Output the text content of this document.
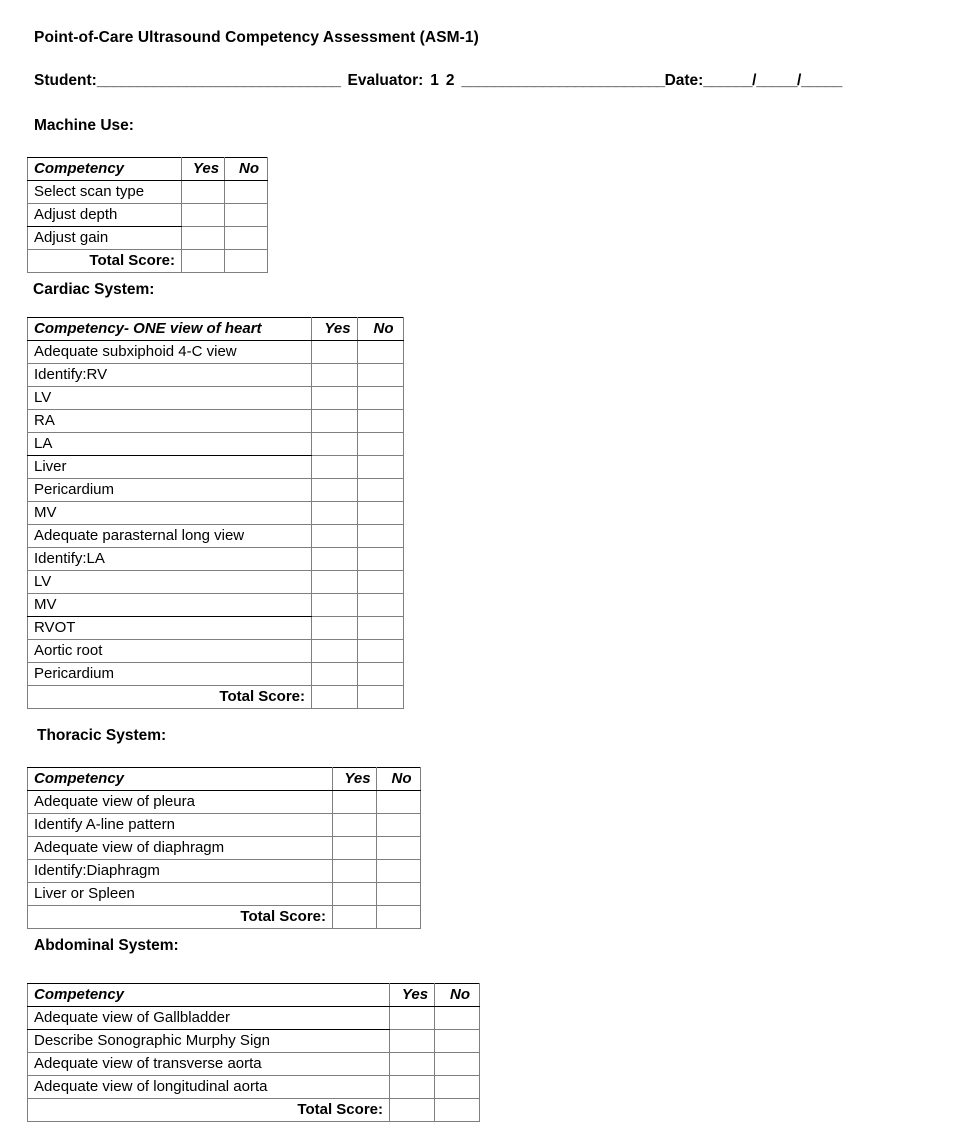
Point-of-Care Ultrasound Competency Assessment (ASM-1)
Student:______________________________ Evaluator: 1 2 _________________________Date:______/_____/_____
Machine Use:
Competency	Yes	No
Select scan type		
Adjust depth		
Adjust gain		
Total Score:		
Cardiac System:
Competency- ONE view of heart	Yes	No
Adequate subxiphoid 4-C view		
Identify:RV		
LV		
RA		
LA		
Liver		
Pericardium		
MV		
Adequate parasternal long view		
Identify:LA		
LV		
MV		
RVOT		
Aortic root		
Pericardium		
Total Score:		
Thoracic System:
Competency	Yes	No
Adequate view of pleura		
Identify A-line pattern		
Adequate view of diaphragm		
Identify:Diaphragm		
Liver or Spleen		
Total Score:		
Abdominal System:
Competency	Yes	No
Adequate view of Gallbladder		
Describe Sonographic Murphy Sign		
Adequate view of transverse aorta		
Adequate view of longitudinal aorta		
Total Score:		
